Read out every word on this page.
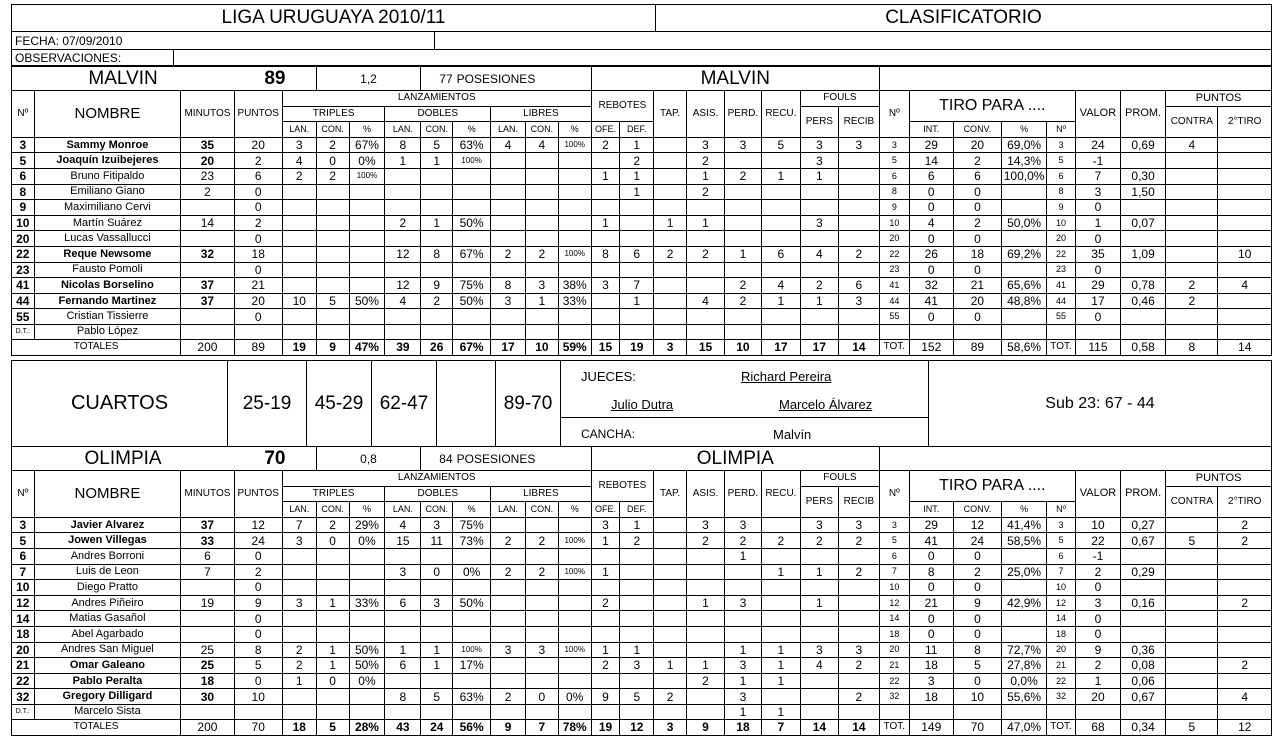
LIGA URUGUAYA 2010/11	CLASIFICATORIO
FECHA: 07/09/2010
OBSERVACIONES:
MALVIN			89		1,2			77	POSESIONES				MALVIN																
Nº	NOMBRE	MINUTOS	PUNTOS	LANZAMIENTOS									REBOTES		TAP.	ASIS.	PERD.	RECU.	FOULS		Nº	TIRO PARA ....				VALOR	PROM.	PUNTOS	
				TRIPLES			DOBLES			LIBRES									PERS	RECIB								CONTRA	2°TIRO
				LAN.	CON.	%	LAN.	CON.	%	LAN.	CON.	%	OFE.	DEF.								INT.	CONV.	%	Nº				
3	Sammy Monroe	35	20	3	2	67%	8	5	63%	4	4	100%	2	1		3	3	5	3	3	3	29	20	69,0%	3	24	0,69	4	
5	Joaquín Izuibejeres	20	2	4	0	0%	1	1	100%					2		2			3		5	14	2	14,3%	5	-1			
6	Bruno Fitipaldo	23	6	2	2	100%							1	1		1	2	1	1		6	6	6	100,0%	6	7	0,30		
8	Emiliano Giano	2	0											1		2					8	0	0		8	3	1,50		
9	Maximiliano Cervi		0																		9	0	0		9	0			
10	Martín Suárez	14	2				2	1	50%				1		1	1			3		10	4	2	50,0%	10	1	0,07		
20	Lucas Vassallucci		0																		20	0	0		20	0			
22	Reque Newsome	32	18				12	8	67%	2	2	100%	8	6	2	2	1	6	4	2	22	26	18	69,2%	22	35	1,09		10
23	Fausto Pomoli		0																		23	0	0		23	0			
41	Nicolas Borselino	37	21				12	9	75%	8	3	38%	3	7			2	4	2	6	41	32	21	65,6%	41	29	0,78	2	4
44	Fernando Martinez	37	20	10	5	50%	4	2	50%	3	1	33%		1		4	2	1	1	3	44	41	20	48,8%	44	17	0,46	2	
55	Cristian Tissierre		0																		55	0	0		55	0			
D.T.:	Pablo López																												
TOTALES		200	89	19	9	47%	39	26	67%	17	10	59%	15	19	3	15	10	17	17	14	TOT.	152	89	58,6%	TOT.	115	0,58	8	14
CUARTOS	25-19	45-29 62-47	89-70
JUECES:	Richard Pereira
Julio Dutra	Marcelo Álvarez
CANCHA:	Malvín
Sub 23: 67 - 44
OLIMPIA			70		0,8			84	POSESIONES				OLIMPIA																
Nº	NOMBRE	MINUTOS	PUNTOS	LANZAMIENTOS									REBOTES		TAP.	ASIS.	PERD.	RECU.	FOULS		Nº	TIRO PARA ....				VALOR	PROM.	PUNTOS	
				TRIPLES			DOBLES			LIBRES									PERS	RECIB								CONTRA	2°TIRO
				LAN.	CON.	%	LAN.	CON.	%	LAN.	CON.	%	OFE.	DEF.								INT.	CONV.	%	Nº				
3	Javier Alvarez	37	12	7	2	29%	4	3	75%				3	1		3	3		3	3	3	29	12	41,4%	3	10	0,27		2
5	Jowen Villegas	33	24	3	0	0%	15	11	73%	2	2	100%	1	2		2	2	2	2	2	5	41	24	58,5%	5	22	0,67	5	2
6	Andres Borroni	6	0														1				6	0	0		6	-1			
7	Luis de Leon	7	2				3	0	0%	2	2	100%	1					1	1	2	7	8	2	25,0%	7	2	0,29		
10	Diego Pratto		0																		10	0	0		10	0			
12	Andres Piñeiro	19	9	3	1	33%	6	3	50%				2			1	3		1		12	21	9	42,9%	12	3	0,16		2
14	Matias Gasañol		0																		14	0	0		14	0			
18	Abel Agarbado		0																		18	0	0		18	0			
20	Andres San Miguel	25	8	2	1	50%	1	1	100%	3	3	100%	1	1			1	1	3	3	20	11	8	72,7%	20	9	0,36		
21	Omar Galeano	25	5	2	1	50%	6	1	17%				2	3	1	1	3	1	4	2	21	18	5	27,8%	21	2	0,08		2
22	Pablo Peralta	18	0	1	0	0%										2	1	1			22	3	0	0,0%	22	1	0,06		
32	Gregory Dilligard	30	10				8	5	63%	2	0	0%	9	5	2		3			2	32	18	10	55,6%	32	20	0,67		4
D.T.:	Marcelo Sista																1	1											
TOTALES		200	70	18	5	28%	43	24	56%	9	7	78%	19	12	3	9	18	7	14	14	TOT.	149	70	47,0%	TOT.	68	0,34	5	12
